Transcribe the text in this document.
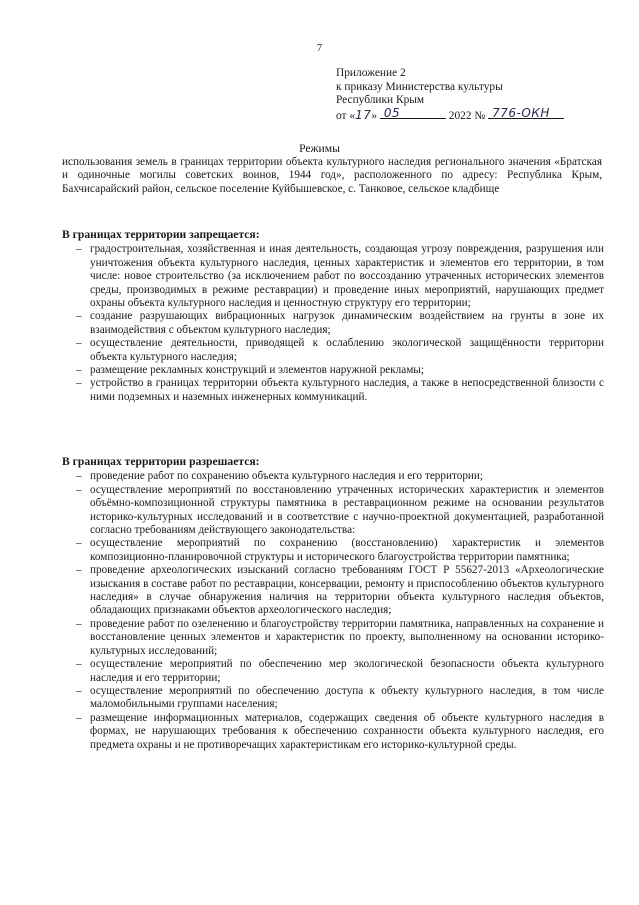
7
Приложение 2
к приказу Министерства культуры
Республики Крым
от «17» 05	2022 № 776-ОКН
Режимы
использования земель в границах территории объекта культурного наследия регионального значения «Братская и одиночные могилы советских воинов, 1944 год», расположенного по адресу: Республика Крым, Бахчисарайский район, сельское поселение Куйбышевское, с. Танковое, сельское кладбище
В границах территории запрещается:
– градостроительная, хозяйственная и иная деятельность, создающая угрозу повреждения, разрушения или уничтожения объекта культурного наследия, ценных характеристик и элементов его территории, в том числе: новое строительство (за исключением работ по воссозданию утраченных исторических элементов среды, производимых в режиме реставрации) и проведение иных мероприятий, нарушающих предмет охраны объекта культурного наследия и ценностную структуру его территории;
– создание разрушающих вибрационных нагрузок динамическим воздействием на грунты в зоне их взаимодействия с объектом культурного наследия;
– осуществление деятельности, приводящей к ослаблению экологической защищённости территории объекта культурного наследия;
– размещение рекламных конструкций и элементов наружной рекламы;
– устройство в границах территории объекта культурного наследия, а также в непосредственной близости с ними подземных и наземных инженерных коммуникаций.
В границах территории разрешается:
– проведение работ по сохранению объекта культурного наследия и его территории;
– осуществление мероприятий по восстановлению утраченных исторических характеристик и элементов объёмно-композиционной структуры памятника в реставрационном режиме на основании результатов историко-культурных исследований и в соответствие с научно-проектной документацией, разработанной согласно требованиям действующего законодательства:
– осуществление мероприятий по сохранению (восстановлению) характеристик и элементов композиционно-планировочной структуры и исторического благоустройства территории памятника;
– проведение археологических изысканий согласно требованиям ГОСТ Р 55627-2013 «Археологические изыскания в составе работ по реставрации, консервации, ремонту и приспособлению объектов культурного наследия» в случае обнаружения наличия на территории объекта культурного наследия объектов, обладающих признаками объектов археологического наследия;
– проведение работ по озеленению и благоустройству территории памятника, направленных на сохранение и восстановление ценных элементов и характеристик по проекту, выполненному на основании историко-культурных исследований;
– осуществление мероприятий по обеспечению мер экологической безопасности объекта культурного наследия и его территории;
– осуществление мероприятий по обеспечению доступа к объекту культурного наследия, в том числе маломобильными группами населения;
– размещение информационных материалов, содержащих сведения об объекте культурного наследия в формах, не нарушающих требования к обеспечению сохранности объекта культурного наследия, его предмета охраны и не противоречащих характеристикам его историко-культурной среды.
